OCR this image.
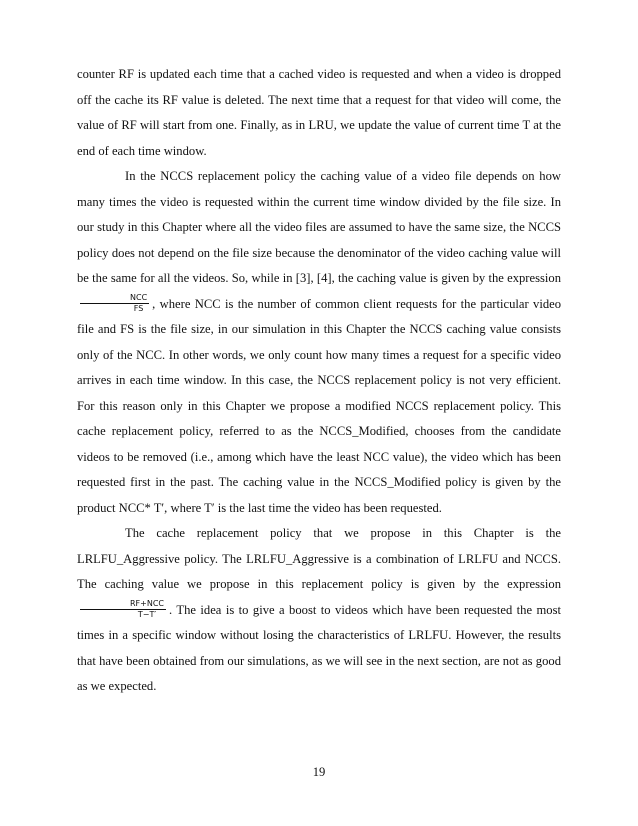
counter RF is updated each time that a cached video is requested and when a video is dropped off the cache its RF value is deleted. The next time that a request for that video will come, the value of RF will start from one. Finally, as in LRU, we update the value of current time T at the end of each time window.

In the NCCS replacement policy the caching value of a video file depends on how many times the video is requested within the current time window divided by the file size. In our study in this Chapter where all the video files are assumed to have the same size, the NCCS policy does not depend on the file size because the denominator of the video caching value will be the same for all the videos. So, while in [3], [4], the caching value is given by the expression
$\frac{\text{NCC}}{FS}$ , where NCC is the number of common client requests for the particular video file and FS is the file size, in our simulation in this Chapter the NCCS caching value consists only of the NCC. In other words, we only count how many times a request for a specific video arrives in each time window. In this case, the NCCS replacement policy is not very efficient. For this reason only in this Chapter we propose a modified NCCS replacement policy. This cache replacement policy, referred to as the NCCS_Modified, chooses from the candidate videos to be removed (i.e., among which have the least NCC value), the video which has been requested first in the past. The caching value in the NCCS_Modified policy is given by the product NCC* T′, where T′ is the last time the video has been requested.

The cache replacement policy that we propose in this Chapter is the LRLFU_Aggressive policy. The LRLFU_Aggressive is a combination of LRLFU and NCCS. The caching value we propose in this replacement policy is given by the expression
$\frac{\text{RF+NCC}}{T-T'}$ . The idea is to give a boost to videos which have been requested the most times in a specific window without losing the characteristics of LRLFU. However, the results that have been obtained from our simulations, as we will see in the next section, are not as good as we expected.

19
